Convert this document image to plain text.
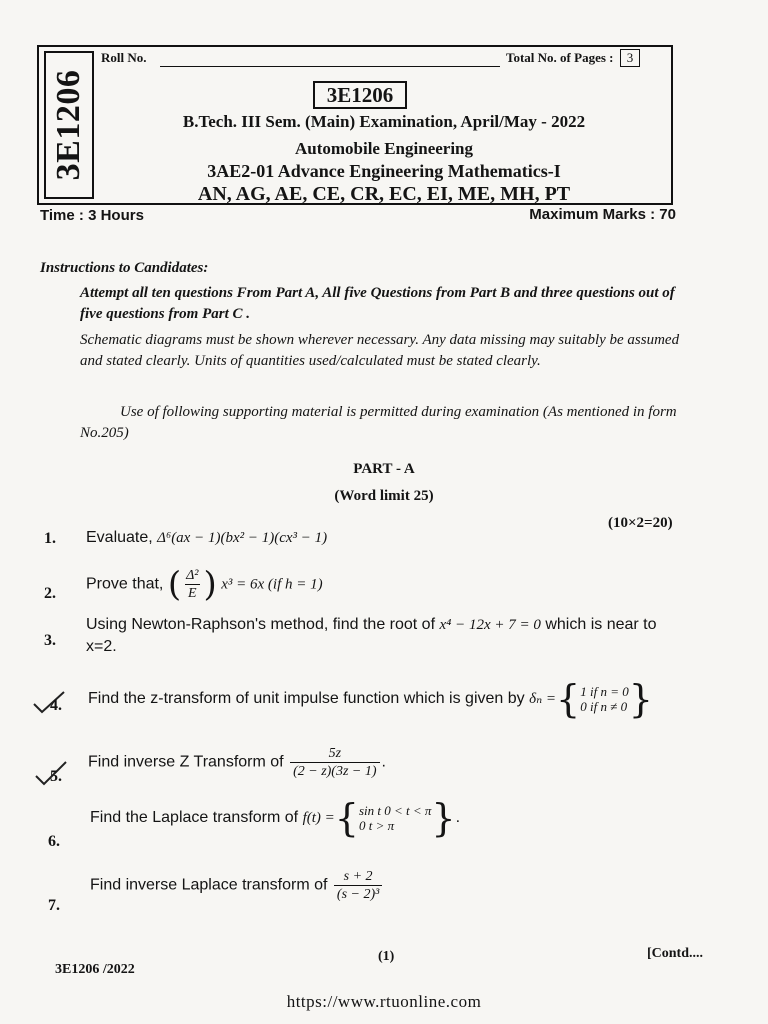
3E1206
Roll No.	Total No. of Pages : 3
3E1206
B.Tech. III Sem. (Main) Examination, April/May - 2022
Automobile Engineering
3AE2-01 Advance Engineering Mathematics-I
AN, AG, AE, CE, CR, EC, EI, ME, MH, PT
Time : 3 Hours	Maximum Marks : 70
Instructions to Candidates:
Attempt all ten questions From Part A, All five Questions from Part B and three questions out of five questions from Part C .
Schematic diagrams must be shown wherever necessary. Any data missing may suitably be assumed and stated clearly. Units of quantities used/calculated must be stated clearly.
Use of following supporting material is permitted during examination (As mentioned in form No.205)
PART - A
(Word limit 25)
(10×2=20)
1. Evaluate, Δ⁶(ax − 1)(bx² − 1)(cx³ − 1)
2.
Prove that, ( $\frac{\text{Δ²}}{E}$ ) x³ = 6x (if h = 1)
3.
Using Newton-Raphson's method, find the root of x⁴ − 12x + 7 = 0 which is near to
x=2.
4. Find the z-transform of unit impulse function which is given by δₙ ={ 1 if n = 0
0 if n ≠ 0 }
5.
Find inverse Z Transform of $\frac{5z}{(2 - z)(3z - 1)}$ .
6.
Find the Laplace transform of f(t) ={ sin t 0 < t < π
0 t > π }.
7.
Find inverse Laplace transform of $\frac{s + 2}{\text{(s − 2)³}}$
3E1206 /2022
(1)	[Contd....
https://www.rtuonline.com
